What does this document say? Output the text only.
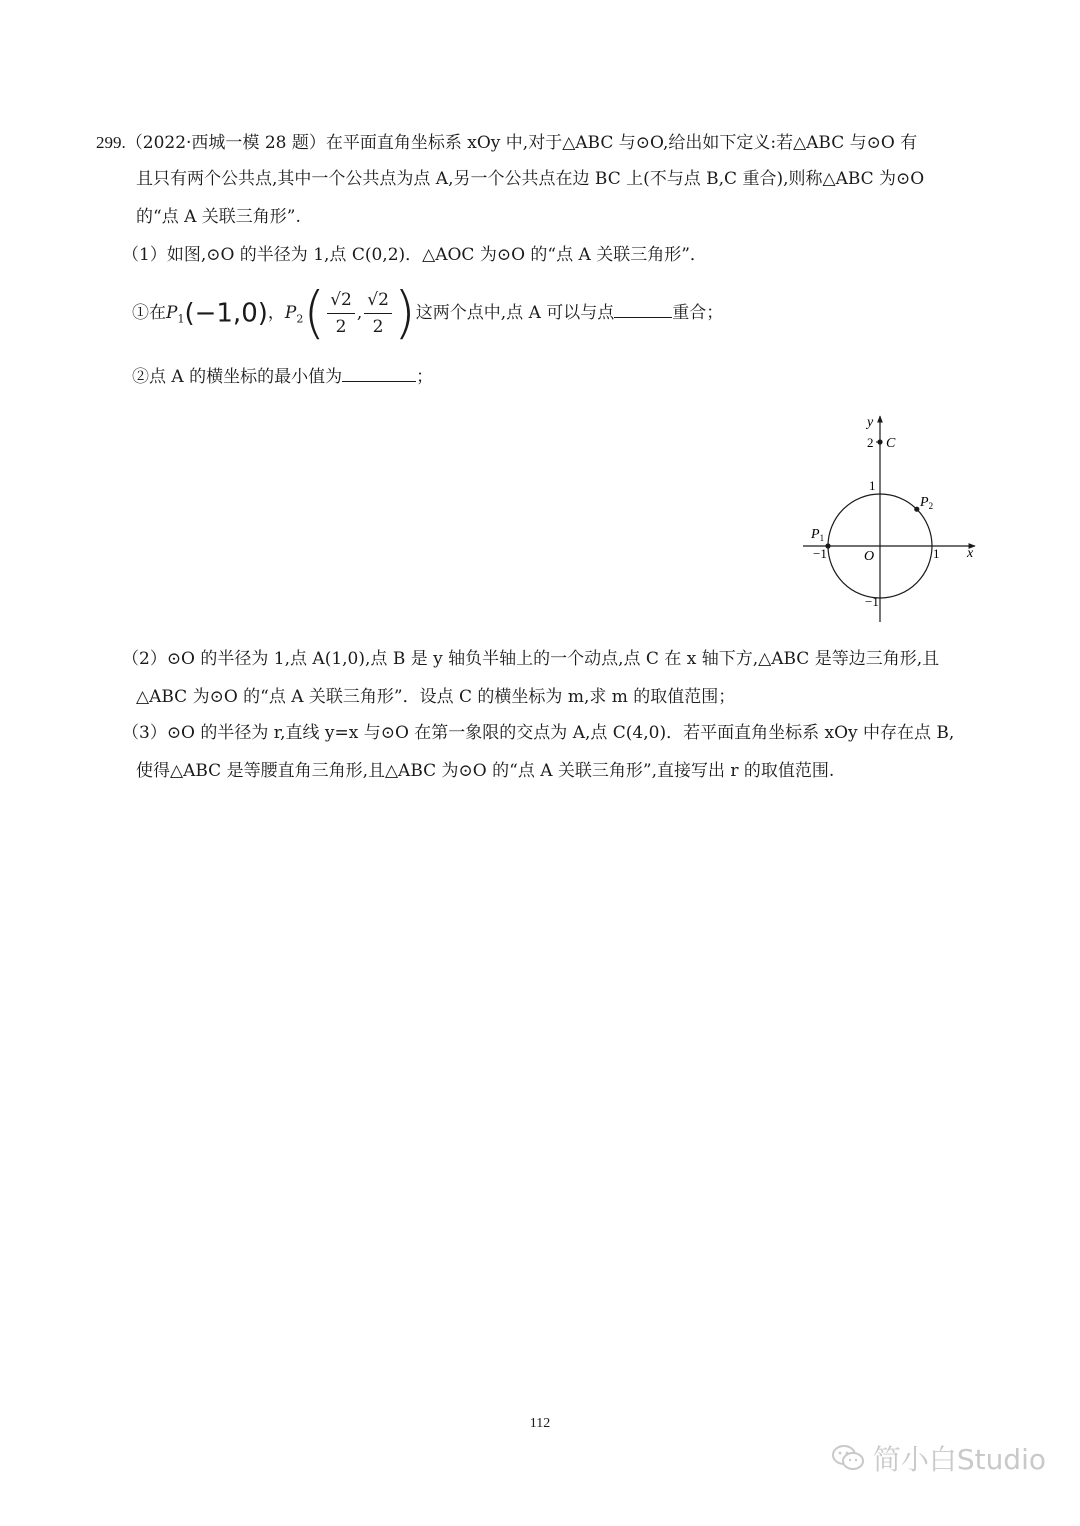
299.（2022·西城一模 28 题）在平面直角坐标系 xOy 中,对于△ABC 与⊙O,给出如下定义:若△ABC 与⊙O 有
且只有两个公共点,其中一个公共点为点 A,另一个公共点在边 BC 上(不与点 B,C 重合),则称△ABC 为⊙O
的“点 A 关联三角形”.
（1）如图,⊙O 的半径为 1,点 C(0,2)．△AOC 为⊙O 的“点 A 关联三角形”．
①在$P_1(-1,0)$，$P_2( \frac{√2}{2}$ , $\frac{√2}{2}$ )这两个点中,点 A 可以与点	重合；
②点 A 的横坐标的最小值为	；
y
x
O
2 C
1
−1
−1	1
$P_1$
$P_2$
（2）⊙O 的半径为 1,点 A(1,0),点 B 是 y 轴负半轴上的一个动点,点 C 在 x 轴下方,△ABC 是等边三角形,且
△ABC 为⊙O 的“点 A 关联三角形”．设点 C 的横坐标为 m,求 m 的取值范围；
（3）⊙O 的半径为 r,直线 y=x 与⊙O 在第一象限的交点为 A,点 C(4,0)．若平面直角坐标系 xOy 中存在点 B,
使得△ABC 是等腰直角三角形,且△ABC 为⊙O 的“点 A 关联三角形”,直接写出 r 的取值范围.
112
简小白Studio
